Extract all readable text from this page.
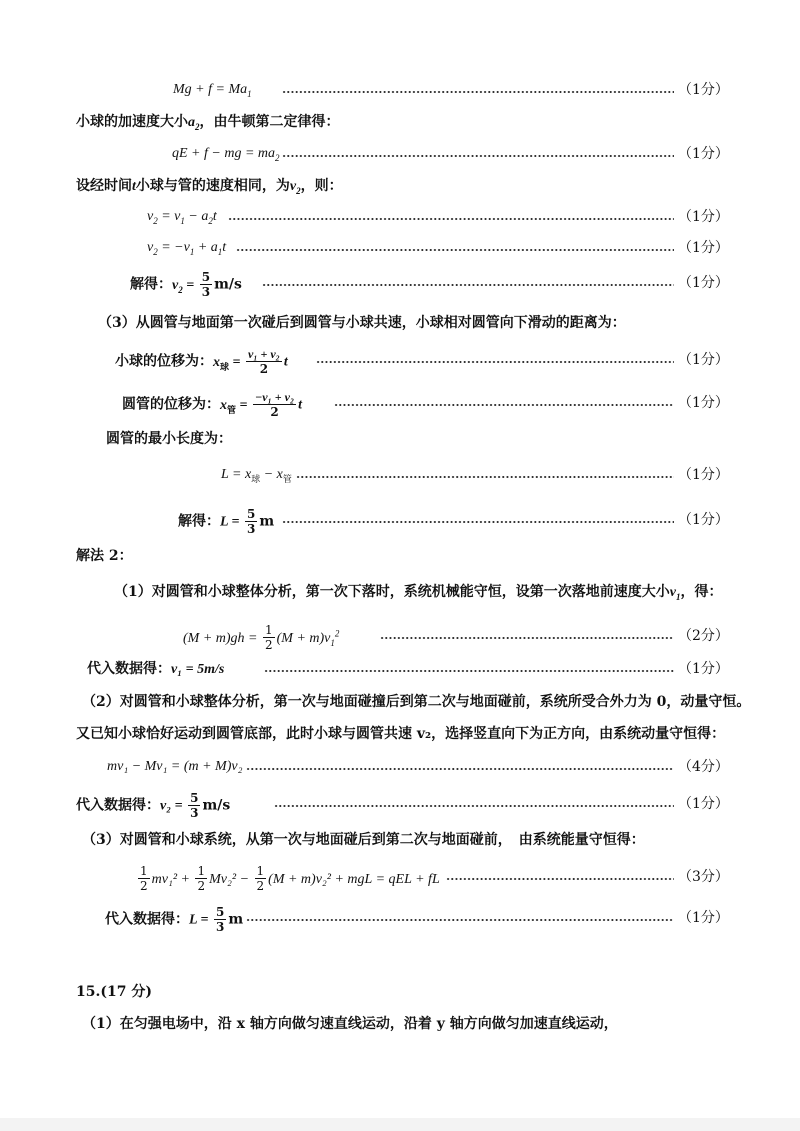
$Mg + f = Ma_1$	（1分）
小球的加速度大小$a_2$，由牛顿第二定律得：
qE + f − mg = $ma_2$	（1分）
设经时间t小球与管的速度相同，为$v_2$，则：
$v_2 = v_1 - a_2t$	（1分）
$v_2 = -v_1 + a_1t$	（1分）
解得：$v_2 = \frac{5}{3} m/s$	（1分）
（3）从圆管与地面第一次碰后到圆管与小球共速，小球相对圆管向下滑动的距离为：
小球的位移为：$x_球 = \frac{\text{v₁ + v₂}}{2}$ t	（1分）
圆管的位移为：$x_管 = \frac{\text{−v₁ + v₂}}{2}$ t	（1分）
圆管的最小长度为：
$L = x_球 - x_管$	（1分）
解得：$L = \frac{5}{3}$ m	（1分）
解法 2：
（1）对圆管和小球整体分析，第一次下落时，系统机械能守恒，设第一次落地前速度大小$v_1$，得：
$(M + m)gh = \frac{1}{2} (M + m)v_1^2$	（2分）
代入数据得：v₁ = 5m/s	（1分）
（2）对圆管和小球整体分析，第一次与地面碰撞后到第二次与地面碰前，系统所受合外力为 0，动量守恒。
又已知小球恰好运动到圆管底部，此时小球与圆管共速 v₂，选择竖直向下为正方向，由系统动量守恒得：
mv₁ − Mv₁ = (m + M)v₂	（4分）
代入数据得：$v_2 = \frac{5}{3} m/s$	（1分）
（3）对圆管和小球系统，从第一次与地面碰后到第二次与地面碰前，　由系统能量守恒得：
$\frac{1}{2} mv_1^2 + \frac{1}{2} Mv_2^2 - \frac{1}{2} (M + m)v_2^2$ + mgL = qEL + fL	（3分）
代入数据得：$L = \frac{5}{3}$ m	（1分）
15.(17 分)
（1）在匀强电场中，沿 x 轴方向做匀速直线运动，沿着 y 轴方向做匀加速直线运动，
